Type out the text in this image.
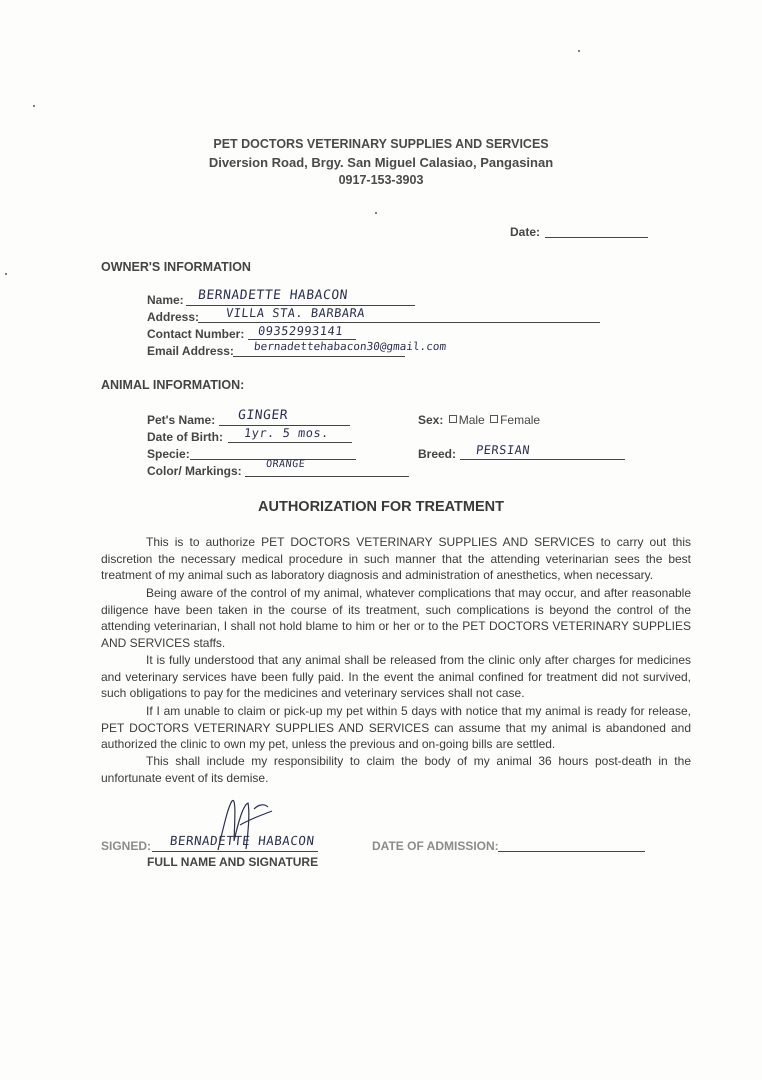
PET DOCTORS VETERINARY SUPPLIES AND SERVICES
Diversion Road, Brgy. San Miguel Calasiao, Pangasinan
0917-153-3903
Date:
OWNER'S INFORMATION
Name: BERNADETTE HABACON
Address: VILLA STA. BARBARA
Contact Number: 09352993141
Email Address: bernadettehabacon30@gmail.com
ANIMAL INFORMATION:
Pet's Name: GINGER
Date of Birth: 1yr. 5 mos.
Specie:
Color/ Markings: ORANGE
Sex: Male Female
Breed: PERSIAN
AUTHORIZATION FOR TREATMENT
This is to authorize PET DOCTORS VETERINARY SUPPLIES AND SERVICES to carry out this discretion the necessary medical procedure in such manner that the attending veterinarian sees the best treatment of my animal such as laboratory diagnosis and administration of anesthetics, when necessary.
Being aware of the control of my animal, whatever complications that may occur, and after reasonable diligence have been taken in the course of its treatment, such complications is beyond the control of the attending veterinarian, I shall not hold blame to him or her or to the PET DOCTORS VETERINARY SUPPLIES AND SERVICES staffs.
It is fully understood that any animal shall be released from the clinic only after charges for medicines and veterinary services have been fully paid. In the event the animal confined for treatment did not survived, such obligations to pay for the medicines and veterinary services shall not case.
If I am unable to claim or pick-up my pet within 5 days with notice that my animal is ready for release, PET DOCTORS VETERINARY SUPPLIES AND SERVICES can assume that my animal is abandoned and authorized the clinic to own my pet, unless the previous and on-going bills are settled.
This shall include my responsibility to claim the body of my animal 36 hours post-death in the unfortunate event of its demise.
SIGNED: BERNADETTE HABACON
FULL NAME AND SIGNATURE
DATE OF ADMISSION:
